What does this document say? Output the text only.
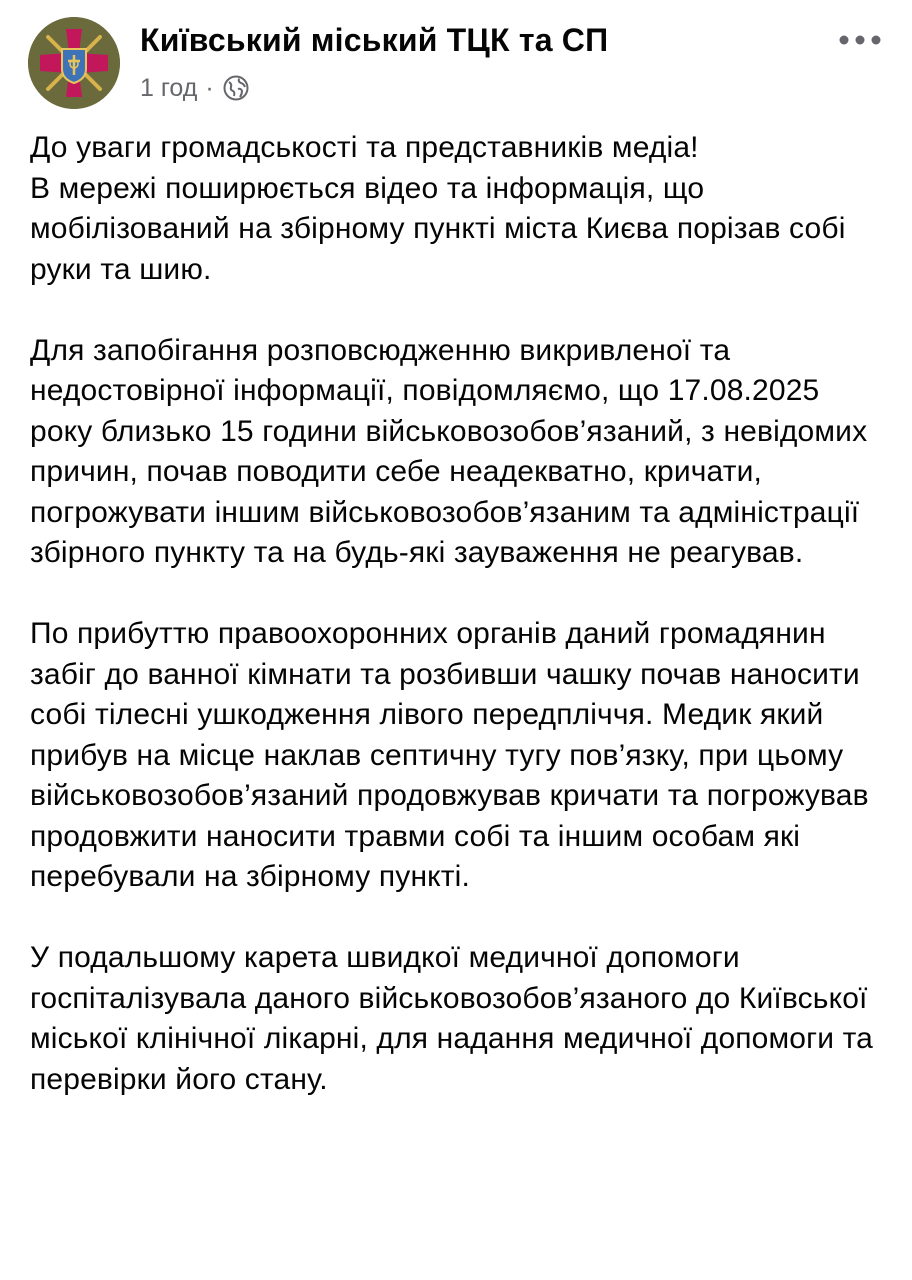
Київський міський ТЦК та СП
1 год ·

До уваги громадськості та представників медіа!
В мережі поширюється відео та інформація, що мобілізований на збірному пункті міста Києва порізав собі руки та шию.

Для запобігання розповсюдженню викривленої та недостовірної інформації, повідомляємо, що 17.08.2025 року близько 15 години військовозобов’язаний, з невідомих причин, почав поводити себе неадекватно, кричати, погрожувати іншим військовозобов’язаним та адміністрації збірного пункту та на будь-які зауваження не реагував.

По прибуттю правоохоронних органів даний громадянин забіг до ванної кімнати та розбивши чашку почав наносити собі тілесні ушкодження лівого передпліччя. Медик який прибув на місце наклав септичну тугу пов’язку, при цьому військовозобов’язаний продовжував кричати та погрожував продовжити наносити травми собі та іншим особам які перебували на збірному пункті.

У подальшому карета швидкої медичної допомоги госпіталізувала даного військовозобов’язаного до Київської міської клінічної лікарні, для надання медичної допомоги та перевірки його стану.
